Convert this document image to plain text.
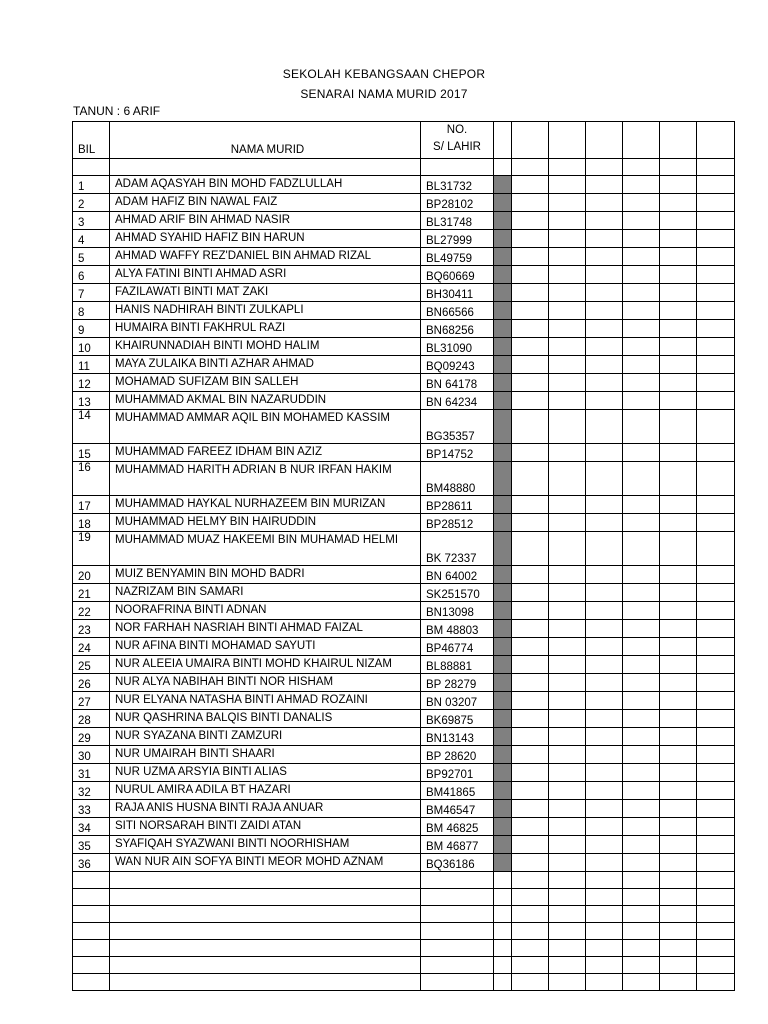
SEKOLAH KEBANGSAAN CHEPOR
SENARAI NAMA MURID 2017
TANUN : 6 ARIF
BIL	NAMA MURID	NO.
S/ LAHIR							

1	ADAM AQASYAH BIN MOHD FADZLULLAH	BL31732							
2	ADAM HAFIZ BIN NAWAL FAIZ	BP28102							
3	AHMAD ARIF BIN AHMAD NASIR	BL31748							
4	AHMAD SYAHID HAFIZ BIN HARUN	BL27999							
5	AHMAD WAFFY REZ'DANIEL BIN AHMAD RIZAL	BL49759							
6	ALYA FATINI BINTI AHMAD ASRI	BQ60669							
7	FAZILAWATI BINTI MAT ZAKI	BH30411							
8	HANIS NADHIRAH BINTI ZULKAPLI	BN66566							
9	HUMAIRA BINTI FAKHRUL RAZI	BN68256							
10	KHAIRUNNADIAH BINTI MOHD HALIM	BL31090							
11	MAYA ZULAIKA BINTI AZHAR AHMAD	BQ09243							
12	MOHAMAD SUFIZAM BIN SALLEH	BN 64178							
13	MUHAMMAD AKMAL BIN NAZARUDDIN	BN 64234							
14	MUHAMMAD AMMAR AQIL BIN MOHAMED KASSIM	BG35357							
15	MUHAMMAD FAREEZ IDHAM BIN AZIZ	BP14752							
16	MUHAMMAD HARITH ADRIAN B NUR IRFAN HAKIM	BM48880							
17	MUHAMMAD HAYKAL NURHAZEEM BIN MURIZAN	BP28611							
18	MUHAMMAD HELMY BIN HAIRUDDIN	BP28512							
19	MUHAMMAD MUAZ HAKEEMI BIN MUHAMAD HELMI	BK 72337							
20	MUIZ BENYAMIN BIN MOHD BADRI	BN 64002							
21	NAZRIZAM BIN SAMARI	SK251570							
22	NOORAFRINA BINTI ADNAN	BN13098							
23	NOR FARHAH NASRIAH BINTI AHMAD FAIZAL	BM 48803							
24	NUR AFINA BINTI MOHAMAD SAYUTI	BP46774							
25	NUR ALEEIA UMAIRA BINTI MOHD KHAIRUL NIZAM	BL88881							
26	NUR ALYA NABIHAH BINTI NOR HISHAM	BP 28279							
27	NUR ELYANA NATASHA BINTI AHMAD ROZAINI	BN 03207							
28	NUR QASHRINA BALQIS BINTI DANALIS	BK69875							
29	NUR SYAZANA BINTI ZAMZURI	BN13143							
30	NUR UMAIRAH BINTI SHAARI	BP 28620							
31	NUR UZMA ARSYIA BINTI ALIAS	BP92701							
32	NURUL AMIRA ADILA BT HAZARI	BM41865							
33	RAJA ANIS HUSNA BINTI RAJA ANUAR	BM46547							
34	SITI NORSARAH BINTI ZAIDI ATAN	BM 46825							
35	SYAFIQAH SYAZWANI BINTI NOORHISHAM	BM 46877							
36	WAN NUR AIN SOFYA BINTI MEOR MOHD AZNAM	BQ36186							
